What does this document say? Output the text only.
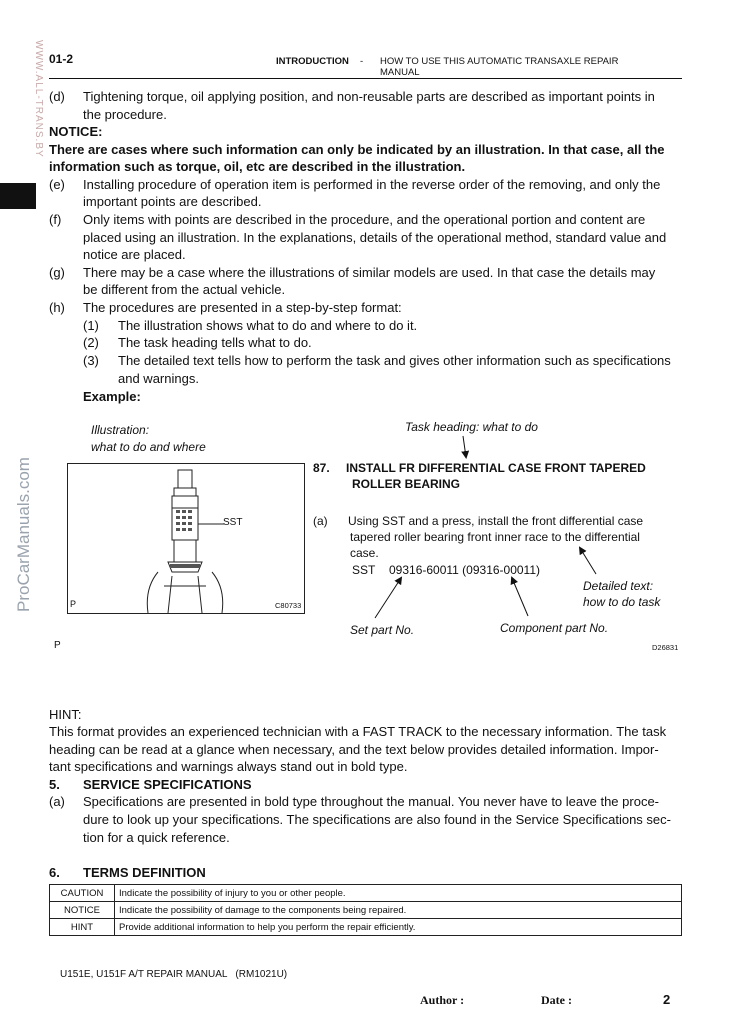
01-2	INTRODUCTION - HOW TO USE THIS AUTOMATIC TRANSAXLE REPAIR
MANUAL
WWW.ALL-TRANS.BY
ProCarManuals.com
(d) Tightening torque, oil applying position, and non-reusable parts are described as important points in
the procedure.
NOTICE:
There are cases where such information can only be indicated by an illustration. In that case, all the
information such as torque, oil, etc are described in the illustration.
(e) Installing procedure of operation item is performed in the reverse order of the removing, and only the
important points are described.
(f) Only items with points are described in the procedure, and the operational portion and content are
placed using an illustration. In the explanations, details of the operational method, standard value and
notice are placed.
(g) There may be a case where the illustrations of similar models are used. In that case the details may
be different from the actual vehicle.
(h) The procedures are presented in a step-by-step format:
(1) The illustration shows what to do and where to do it.
(2) The task heading tells what to do.
(3) The detailed text tells how to perform the task and gives other information such as specifications
and warnings.
Example:
Illustration:
what to do and where
Task heading: what to do
SST
P	C80733
87. INSTALL FR DIFFERENTIAL CASE FRONT TAPERED
ROLLER BEARING
(a) Using SST and a press, install the front differential case
tapered roller bearing front inner race to the differential
case.
SST 09316-60011 (09316-00011)
Detailed text:
how to do task
Set part No.	Component part No.
P	D26831
HINT:
This format provides an experienced technician with a FAST TRACK to the necessary information. The task
heading can be read at a glance when necessary, and the text below provides detailed information. Impor-
tant specifications and warnings always stand out in bold type.
5. SERVICE SPECIFICATIONS
(a) Specifications are presented in bold type throughout the manual. You never have to leave the proce-
dure to look up your specifications. The specifications are also found in the Service Specifications sec-
tion for a quick reference.
6. TERMS DEFINITION
CAUTION	Indicate the possibility of injury to you or other people.
NOTICE	Indicate the possibility of damage to the components being repaired.
HINT	Provide additional information to help you perform the repair efficiently.
U151E, U151F A/T REPAIR MANUAL   (RM1021U)
Author :	Date :	2
